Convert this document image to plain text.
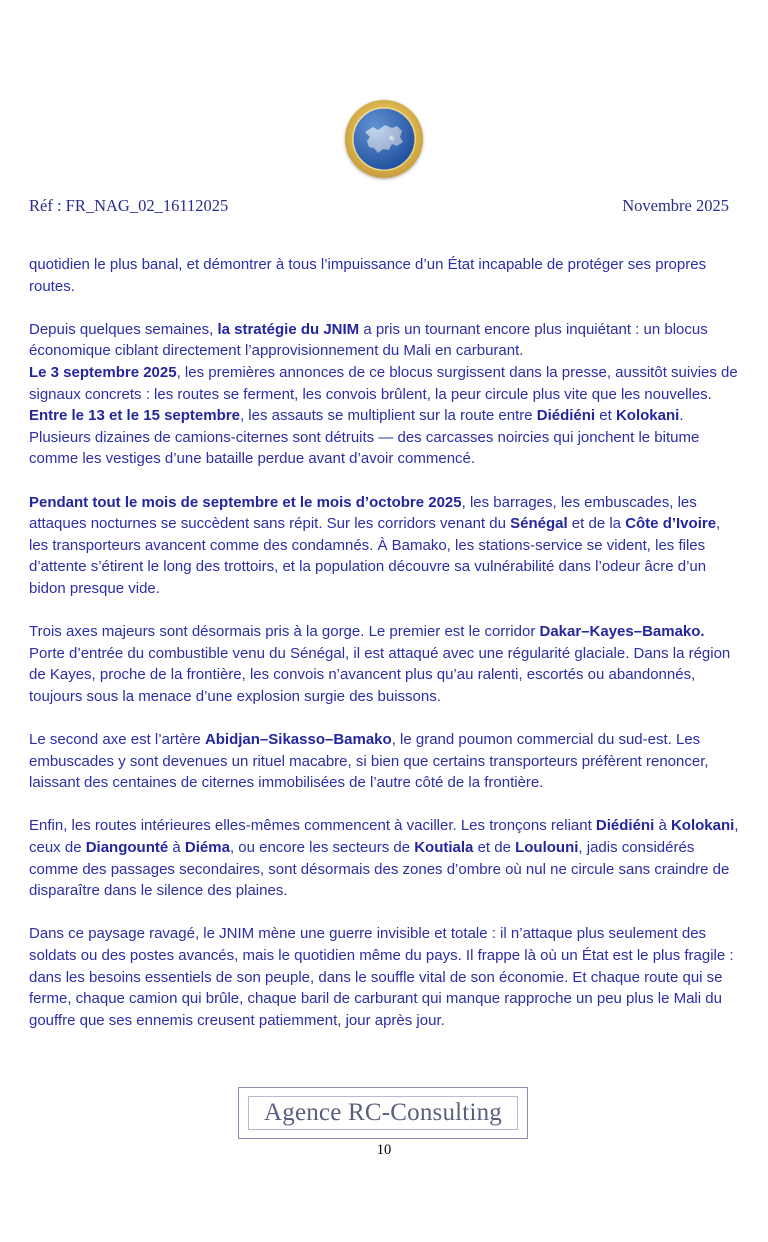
Réf : FR_NAG_02_16112025	Novembre 2025

quotidien le plus banal, et démontrer à tous l’impuissance d’un État incapable de protéger ses propres routes.

Depuis quelques semaines, la stratégie du JNIM a pris un tournant encore plus inquiétant : un blocus économique ciblant directement l’approvisionnement du Mali en carburant.
Le 3 septembre 2025, les premières annonces de ce blocus surgissent dans la presse, aussitôt suivies de signaux concrets : les routes se ferment, les convois brûlent, la peur circule plus vite que les nouvelles. Entre le 13 et le 15 septembre, les assauts se multiplient sur la route entre Diédiéni et Kolokani. Plusieurs dizaines de camions-citernes sont détruits — des carcasses noircies qui jonchent le bitume comme les vestiges d’une bataille perdue avant d’avoir commencé.

Pendant tout le mois de septembre et le mois d’octobre 2025, les barrages, les embuscades, les attaques nocturnes se succèdent sans répit. Sur les corridors venant du Sénégal et de la Côte d’Ivoire, les transporteurs avancent comme des condamnés. À Bamako, les stations-service se vident, les files d’attente s’étirent le long des trottoirs, et la population découvre sa vulnérabilité dans l’odeur âcre d’un bidon presque vide.

Trois axes majeurs sont désormais pris à la gorge. Le premier est le corridor Dakar–Kayes–Bamako. Porte d’entrée du combustible venu du Sénégal, il est attaqué avec une régularité glaciale. Dans la région de Kayes, proche de la frontière, les convois n’avancent plus qu’au ralenti, escortés ou abandonnés, toujours sous la menace d’une explosion surgie des buissons.

Le second axe est l’artère Abidjan–Sikasso–Bamako, le grand poumon commercial du sud-est. Les embuscades y sont devenues un rituel macabre, si bien que certains transporteurs préfèrent renoncer, laissant des centaines de citernes immobilisées de l’autre côté de la frontière.

Enfin, les routes intérieures elles-mêmes commencent à vaciller. Les tronçons reliant Diédiéni à Kolokani, ceux de Diangounté à Diéma, ou encore les secteurs de Koutiala et de Loulouni, jadis considérés comme des passages secondaires, sont désormais des zones d’ombre où nul ne circule sans craindre de disparaître dans le silence des plaines.

Dans ce paysage ravagé, le JNIM mène une guerre invisible et totale : il n’attaque plus seulement des soldats ou des postes avancés, mais le quotidien même du pays. Il frappe là où un État est le plus fragile : dans les besoins essentiels de son peuple, dans le souffle vital de son économie. Et chaque route qui se ferme, chaque camion qui brûle, chaque baril de carburant qui manque rapproche un peu plus le Mali du gouffre que ses ennemis creusent patiemment, jour après jour.

Agence RC-Consulting
10
